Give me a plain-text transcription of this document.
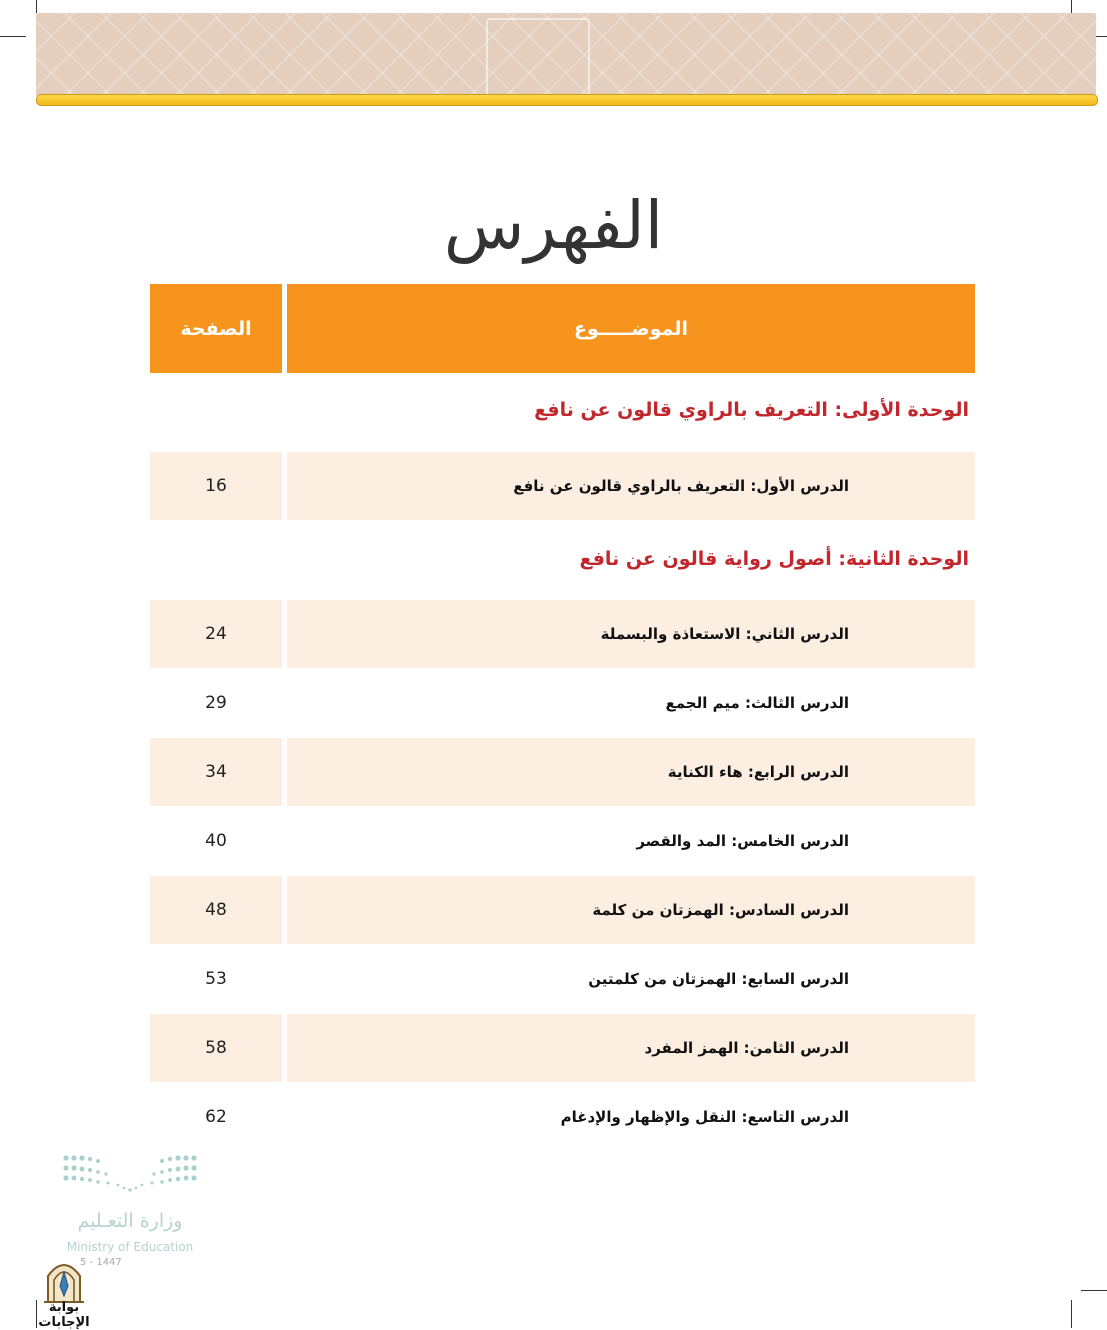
الفهرس
الصفحة	الموضـــــوع
الوحدة الأولى: التعريف بالراوي قالون عن نافع
16	الدرس الأول: التعريف بالراوي قالون عن نافع
الوحدة الثانية: أصول رواية قالون عن نافع
24	الدرس الثاني: الاستعاذة والبسملة
29	الدرس الثالث: ميم الجمع
34	الدرس الرابع: هاء الكناية
40	الدرس الخامس: المد والقصر
48	الدرس السادس: الهمزتان من كلمة
53	الدرس السابع: الهمزتان من كلمتين
58	الدرس الثامن: الهمز المفرد
62	الدرس التاسع: النقل والإظهار والإدغام
وزارة التعـليم
Ministry of Education
5 - 1447
بوابة الإجابات
